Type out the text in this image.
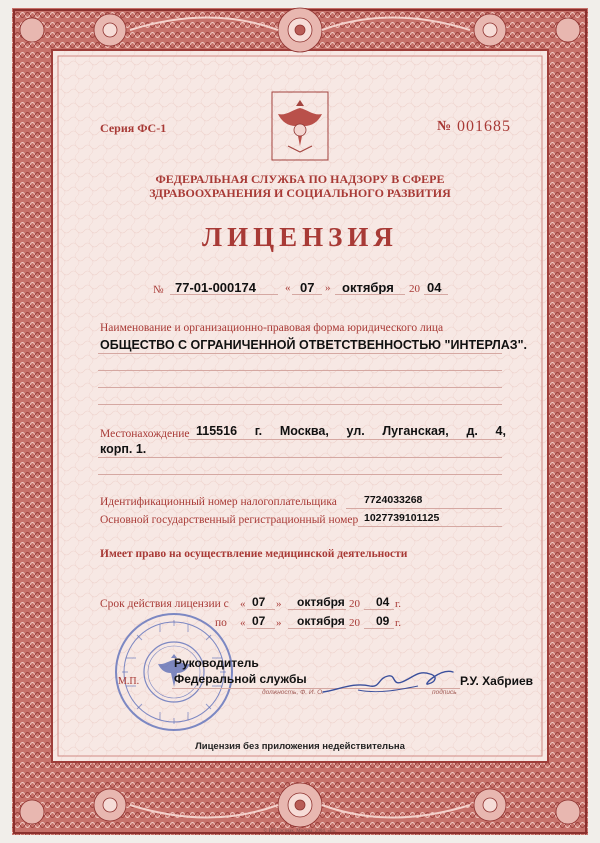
Серия ФС-1	№ 001685
ФЕДЕРАЛЬНАЯ СЛУЖБА ПО НАДЗОРУ В СФЕРЕ
ЗДРАВООХРАНЕНИЯ И СОЦИАЛЬНОГО РАЗВИТИЯ
ЛИЦЕНЗИЯ
№ 77-01-000174	« 07 » октября 20 04
Наименование и организационно-правовая форма юридического лица
ОБЩЕСТВО С ОГРАНИЧЕННОЙ ОТВЕТСТВЕННОСТЬЮ "ИНТЕРЛАЗ".
Местонахождение 115516 г. Москва, ул. Луганская, д. 4,
корп. 1.
Идентификационный номер налогоплательщика	7724033268
Основной государственный регистрационный номер 1027739101125
Имеет право на осуществление медицинской деятельности
Срок действия лицензии с « 07 » октября 20 04 г.
по « 07 » октября 20 09 г.
М.П.
Руководитель
Федеральной службы
должность, Ф. И. О.
Р.У. Хабриев
подпись
Лицензия без приложения недействительна
© НП Госзнак, Москва, 2004, «Б».
